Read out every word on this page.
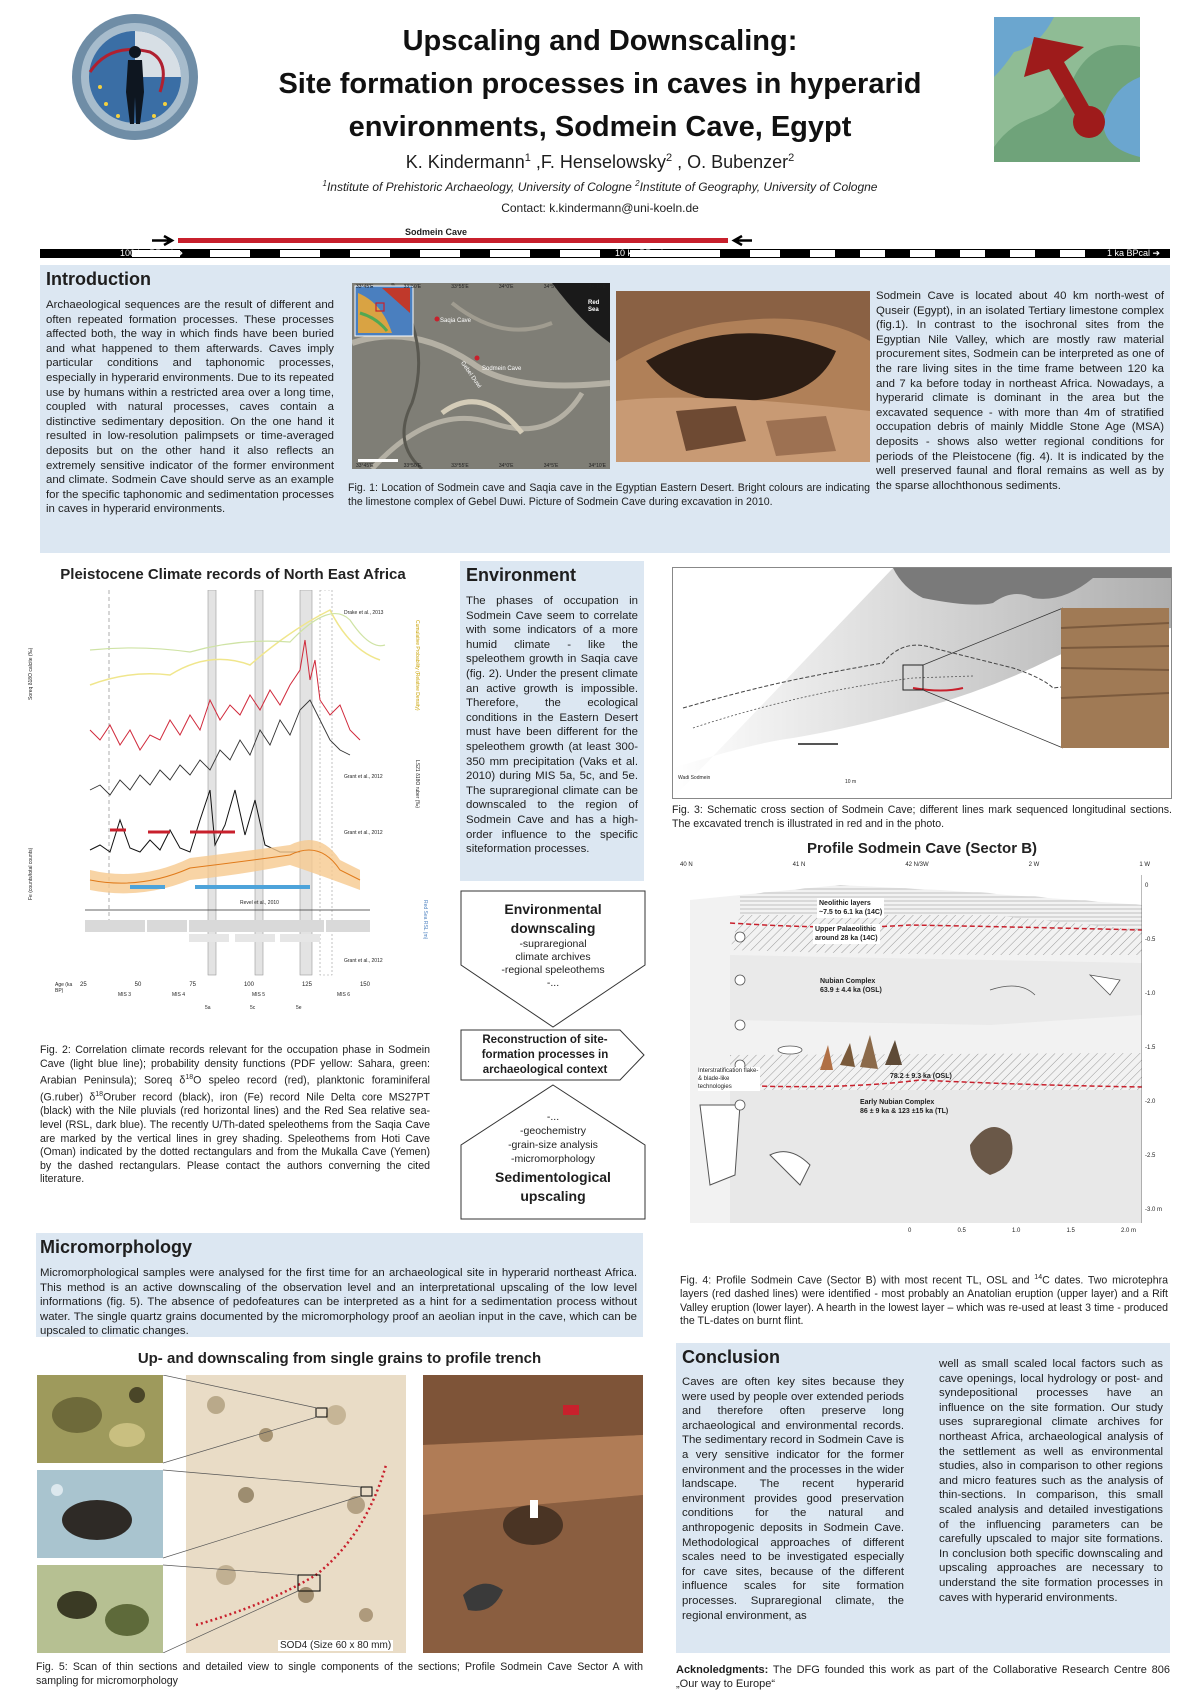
Upscaling and Downscaling:
Site formation processes in caves in hyperarid
environments, Sodmein Cave, Egypt
K. Kindermann$^1$ ,F. Henselowsky$^2$ , O. Bubenzer$^2$
$^1$Institute of Prehistoric Archaeology, University of Cologne $^2$Institute of Geography, University of Cologne
Contact: k.kindermann@uni-koeln.de
Sodmein Cave
100 ka BPcal ➔	10 ka BPcal ➔	1 ka BPcal ➔
Introduction
Archaeological sequences are the result of different and often repeated formation processes. These processes affected both, the way in which finds have been buried and what happened to them afterwards. Caves imply particular conditions and taphonomic processes, especially in hyperarid environments. Due to its repeated use by humans within a restricted area over a long time, coupled with natural processes, caves contain a distinctive sedimentary deposition. On the one hand it resulted in low-resolution palimpsets or time-averaged deposits but on the other hand it also reflects an extremely sensitive indicator of the former environment and climate. Sodmein Cave should serve as an example for the specific taphonomic and sedimentation processes in caves in hyperarid environments.
Red Sea
Saqia Cave
Sodmein Cave
Gebel Duwi
33°45'E	33°50'E	33°55'E	34°0'E	34°5'E	34°10'E
33°45'E	33°50'E	33°55'E	34°0'E	34°5'E	34°10'E
Fig. 1: Location of Sodmein cave and Saqia cave in the Egyptian Eastern Desert. Bright colours are indicating the limestone complex of Gebel Duwi. Picture of Sodmein Cave during excavation in 2010.
Sodmein Cave is located about 40 km north-west of Quseir (Egypt), in an isolated Tertiary limestone complex (fig.1). In contrast to the isochronal sites from the Egyptian Nile Valley, which are mostly raw material procurement sites, Sodmein can be interpreted as one of the rare living sites in the time frame between 120 ka and 7 ka before today in northeast Africa. Nowadays, a hyperarid climate is dominant in the area but the excavated sequence - with more than 4m of stratified occupation debris of mainly Middle Stone Age (MSA) deposits - shows also wetter regional conditions for periods of the Pleistocene (fig. 4). It is indicated by the well preserved faunal and floral remains as well as by the sparse allochthonous sediments.
Pleistocene Climate records of North East Africa
Drake et al., 2013
Grant et al., 2012
Grant et al., 2012
Revel et al., 2010
Grant et al., 2012
25	50	75	100	125	150
Age (ka BP)
MIS 3	MIS 4	MIS 5	MIS 6
5a	5c	5e
Soreq δ18O calcite (‰)
Fe (counts/total counts)
Cumulative Probability (Relative Density)
LS21 δ18O ruber (‰)
Red Sea RSL (m)
Fig. 2: Correlation climate records relevant for the occupation phase in Sodmein Cave (light blue line); probability density functions (PDF yellow: Sahara, green: Arabian Peninsula); Soreq $\delta^{18}O$ speleo record (red), planktonic foraminiferal (G.ruber) $\delta^{18}Oruber$ record (black), iron (Fe) record Nile Delta core MS27PT (black) with the Nile pluvials (red horizontal lines) and the Red Sea relative sea-level (RSL, dark blue). The recently U/Th-dated speleothems from the Saqia Cave are marked by the vertical lines in grey shading. Speleothems from Hoti Cave (Oman) indicated by the dotted rectangulars and from the Mukalla Cave (Yemen) by the dashed rectangulars. Please contact the authors converning the cited literature.
Environment
The phases of occupation in Sodmein Cave seem to correlate with some indicators of a more humid climate - like the speleothem growth in Saqia cave (fig. 2). Under the present climate an active growth is impossible. Therefore, the ecological conditions in the Eastern Desert must have been different for the speleothem growth (at least 300-350 mm precipitation (Vaks et al. 2010) during MIS 5a, 5c, and 5e. The supraregional climate can be downscaled to the region of Sodmein Cave and has a high-order influence to the specific siteformation processes.
Environmental downscaling
-supraregional
climate archives
-regional speleothems
-...
Reconstruction of site-formation processes in archaeological context
-...
-geochemistry
-grain-size analysis
-micromorphology
Sedimentological upscaling
Wadi Sodmein
10 m
Fig. 3: Schematic cross section of Sodmein Cave; different lines mark sequenced longitudinal sections. The excavated trench is illustrated in red and in the photo.
Profile Sodmein Cave (Sector B)
40 N	41 N	42 N/3W	2 W	1 W
0
-0.5
-1.0
-1.5
-2.0
-2.5
-3.0 m
Neolithic layers
~7.5 to 6.1 ka (14C)
Upper Palaeolithic
around 28 ka (14C)
Nubian Complex
63.9 ± 4.4 ka (OSL)
Interstratification flake- & blade-like technologies
78.2 ± 9.3 ka (OSL)
Early Nubian Complex
86 ± 9 ka & 123 ±15 ka (TL)
0	0.5	1.0	1.5	2.0 m
Fig. 4: Profile Sodmein Cave (Sector B) with most recent TL, OSL and $^{14}$C dates. Two microtephra layers (red dashed lines) were identified - most probably an Anatolian eruption (upper layer) and a Rift Valley eruption (lower layer). A hearth in the lowest layer – which was re-used at least 3 time - produced the TL-dates on burnt flint.
Micromorphology
Micromorphological samples were analysed for the first time for an archaeological site in hyperarid northeast Africa. This method is an active downscaling of the observation level and an interpretational upscaling of the low level informations (fig. 5). The absence of pedofeatures can be interpreted as a hint for a sedimentation process without water. The single quartz grains documented by the micromorphology proof an aeolian input in the cave, which can be upscaled to climatic changes.
Up- and downscaling from single grains to profile trench
SOD4 (Size 60 x 80 mm)
Fig. 5: Scan of thin sections and detailed view to single components of the sections; Profile Sodmein Cave Sector A with sampling for micromorphology
Conclusion
Caves are often key sites because they were used by people over extended periods and therefore often preserve long archaeological and environmental records. The sedimentary record in Sodmein Cave is a very sensitive indicator for the former environment and the processes in the wider landscape. The recent hyperarid environment provides good preservation conditions for the natural and anthropogenic deposits in Sodmein Cave. Methodological approaches of different scales need to be investigated especially for cave sites, because of the different influence scales for site formation processes. Supraregional climate, the regional environment, as
well as small scaled local factors such as cave openings, local hydrology or post- and syndepositional processes have an influence on the site formation. Our study uses supraregional climate archives for northeast Africa, archaeological analysis of the settlement as well as environmental studies, also in comparison to other regions and micro features such as the analysis of thin-sections. In comparison, this small scaled analysis and detailed investigations of the influencing parameters can be carefully upscaled to major site formations. In conclusion both specific downscaling and upscaling approaches are necessary to understand the site formation processes in caves with hyperarid environments.
Acknoledgments: The DFG founded this work as part of the Collaborative Research Centre 806 „Our way to Europe“
